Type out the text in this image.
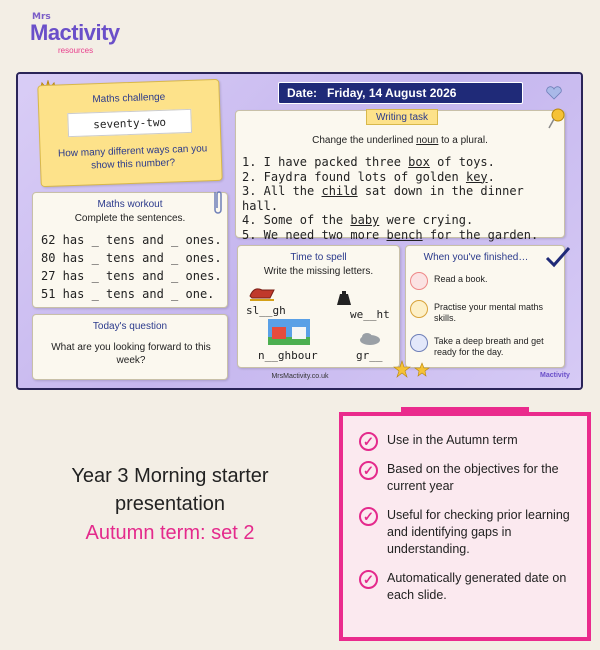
Mrs
Mactivity
resources
Maths challenge
seventy-two
How many different ways can you show this number?
Date: Friday, 14 August 2026
Writing task
Change the underlined noun to a plural.
1. I have packed three box of toys.
2. Faydra found lots of golden key.
3. All the child sat down in the dinner hall.
4. Some of the baby were crying.
5. We need two more bench for the garden.
Maths workout
Complete the sentences.
62 has _ tens and _ ones.
80 has _ tens and _ ones.
27 has _ tens and _ ones.
51 has _ tens and _ one.
Today's question
What are you looking forward to this week?
Time to spell
Write the missing letters.
sl__gh	we__ht
n__ghbour	gr__
When you've finished…
Read a book.
Practise your mental maths skills.
Take a deep breath and get ready for the day.
MrsMactivity.co.uk	Mactivity
Year 3 Morning starter
presentation
Autumn term: set 2
✓	Use in the Autumn term
✓	Based on the objectives for the current year
✓	Useful for checking prior learning and identifying gaps in understanding.
✓	Automatically generated date on each slide.
